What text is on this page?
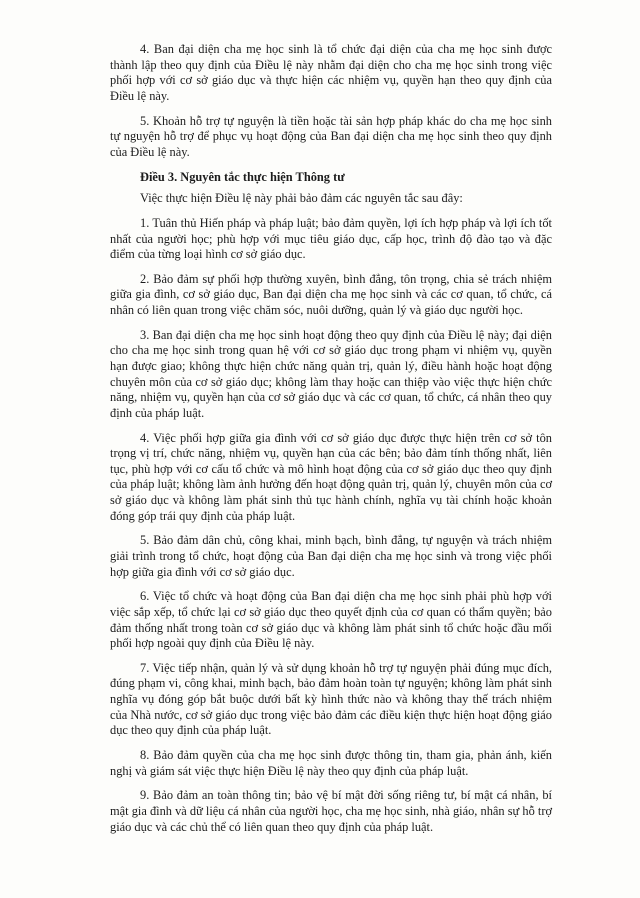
4. Ban đại diện cha mẹ học sinh là tổ chức đại diện của cha mẹ học sinh được thành lập theo quy định của Điều lệ này nhằm đại diện cho cha mẹ học sinh trong việc phối hợp với cơ sở giáo dục và thực hiện các nhiệm vụ, quyền hạn theo quy định của Điều lệ này.

5. Khoản hỗ trợ tự nguyện là tiền hoặc tài sản hợp pháp khác do cha mẹ học sinh tự nguyện hỗ trợ để phục vụ hoạt động của Ban đại diện cha mẹ học sinh theo quy định của Điều lệ này.

Điều 3. Nguyên tắc thực hiện Thông tư

Việc thực hiện Điều lệ này phải bảo đảm các nguyên tắc sau đây:

1. Tuân thủ Hiến pháp và pháp luật; bảo đảm quyền, lợi ích hợp pháp và lợi ích tốt nhất của người học; phù hợp với mục tiêu giáo dục, cấp học, trình độ đào tạo và đặc điểm của từng loại hình cơ sở giáo dục.

2. Bảo đảm sự phối hợp thường xuyên, bình đẳng, tôn trọng, chia sẻ trách nhiệm giữa gia đình, cơ sở giáo dục, Ban đại diện cha mẹ học sinh và các cơ quan, tổ chức, cá nhân có liên quan trong việc chăm sóc, nuôi dưỡng, quản lý và giáo dục người học.

3. Ban đại diện cha mẹ học sinh hoạt động theo quy định của Điều lệ này; đại diện cho cha mẹ học sinh trong quan hệ với cơ sở giáo dục trong phạm vi nhiệm vụ, quyền hạn được giao; không thực hiện chức năng quản trị, quản lý, điều hành hoặc hoạt động chuyên môn của cơ sở giáo dục; không làm thay hoặc can thiệp vào việc thực hiện chức năng, nhiệm vụ, quyền hạn của cơ sở giáo dục và các cơ quan, tổ chức, cá nhân theo quy định của pháp luật.

4. Việc phối hợp giữa gia đình với cơ sở giáo dục được thực hiện trên cơ sở tôn trọng vị trí, chức năng, nhiệm vụ, quyền hạn của các bên; bảo đảm tính thống nhất, liên tục, phù hợp với cơ cấu tổ chức và mô hình hoạt động của cơ sở giáo dục theo quy định của pháp luật; không làm ảnh hưởng đến hoạt động quản trị, quản lý, chuyên môn của cơ sở giáo dục và không làm phát sinh thủ tục hành chính, nghĩa vụ tài chính hoặc khoản đóng góp trái quy định của pháp luật.

5. Bảo đảm dân chủ, công khai, minh bạch, bình đẳng, tự nguyện và trách nhiệm giải trình trong tổ chức, hoạt động của Ban đại diện cha mẹ học sinh và trong việc phối hợp giữa gia đình với cơ sở giáo dục.

6. Việc tổ chức và hoạt động của Ban đại diện cha mẹ học sinh phải phù hợp với việc sắp xếp, tổ chức lại cơ sở giáo dục theo quyết định của cơ quan có thẩm quyền; bảo đảm thống nhất trong toàn cơ sở giáo dục và không làm phát sinh tổ chức hoặc đầu mối phối hợp ngoài quy định của Điều lệ này.

7. Việc tiếp nhận, quản lý và sử dụng khoản hỗ trợ tự nguyện phải đúng mục đích, đúng phạm vi, công khai, minh bạch, bảo đảm hoàn toàn tự nguyện; không làm phát sinh nghĩa vụ đóng góp bắt buộc dưới bất kỳ hình thức nào và không thay thế trách nhiệm của Nhà nước, cơ sở giáo dục trong việc bảo đảm các điều kiện thực hiện hoạt động giáo dục theo quy định của pháp luật.

8. Bảo đảm quyền của cha mẹ học sinh được thông tin, tham gia, phản ánh, kiến nghị và giám sát việc thực hiện Điều lệ này theo quy định của pháp luật.

9. Bảo đảm an toàn thông tin; bảo vệ bí mật đời sống riêng tư, bí mật cá nhân, bí mật gia đình và dữ liệu cá nhân của người học, cha mẹ học sinh, nhà giáo, nhân sự hỗ trợ giáo dục và các chủ thể có liên quan theo quy định của pháp luật.
